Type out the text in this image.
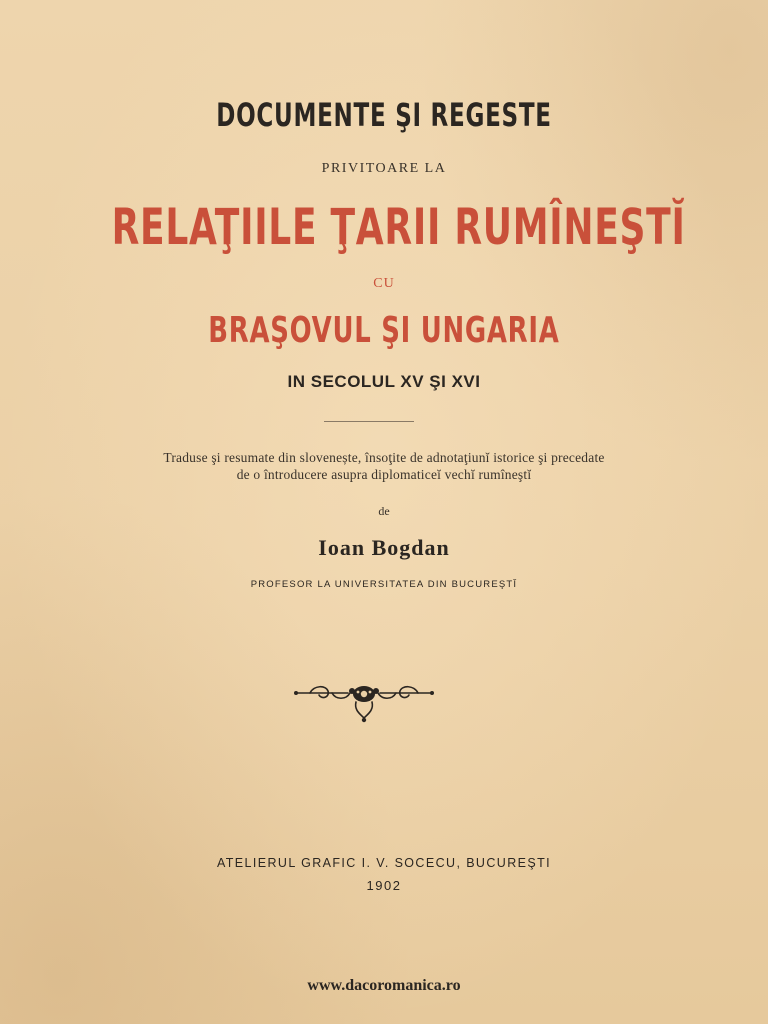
DOCUMENTE ŞI REGESTE
PRIVITOARE LA
RELAŢIILE ŢARII RUMÎNEŞTĬ
CU
BRAŞOVUL ŞI UNGARIA
IN SECOLUL XV ŞI XVI
Traduse şi resumate din slovenește, însoţite de adnotaţiunĭ istorice şi precedate
de o întroducere asupra diplomaticeĭ vechĭ rumîneştĭ
de
Ioan Bogdan
PROFESOR LA UNIVERSITATEA DIN BUCUREŞTĬ
ATELIERUL GRAFIC I. V. SOCECU, BUCUREŞTI
1902
www.dacoromanica.ro
